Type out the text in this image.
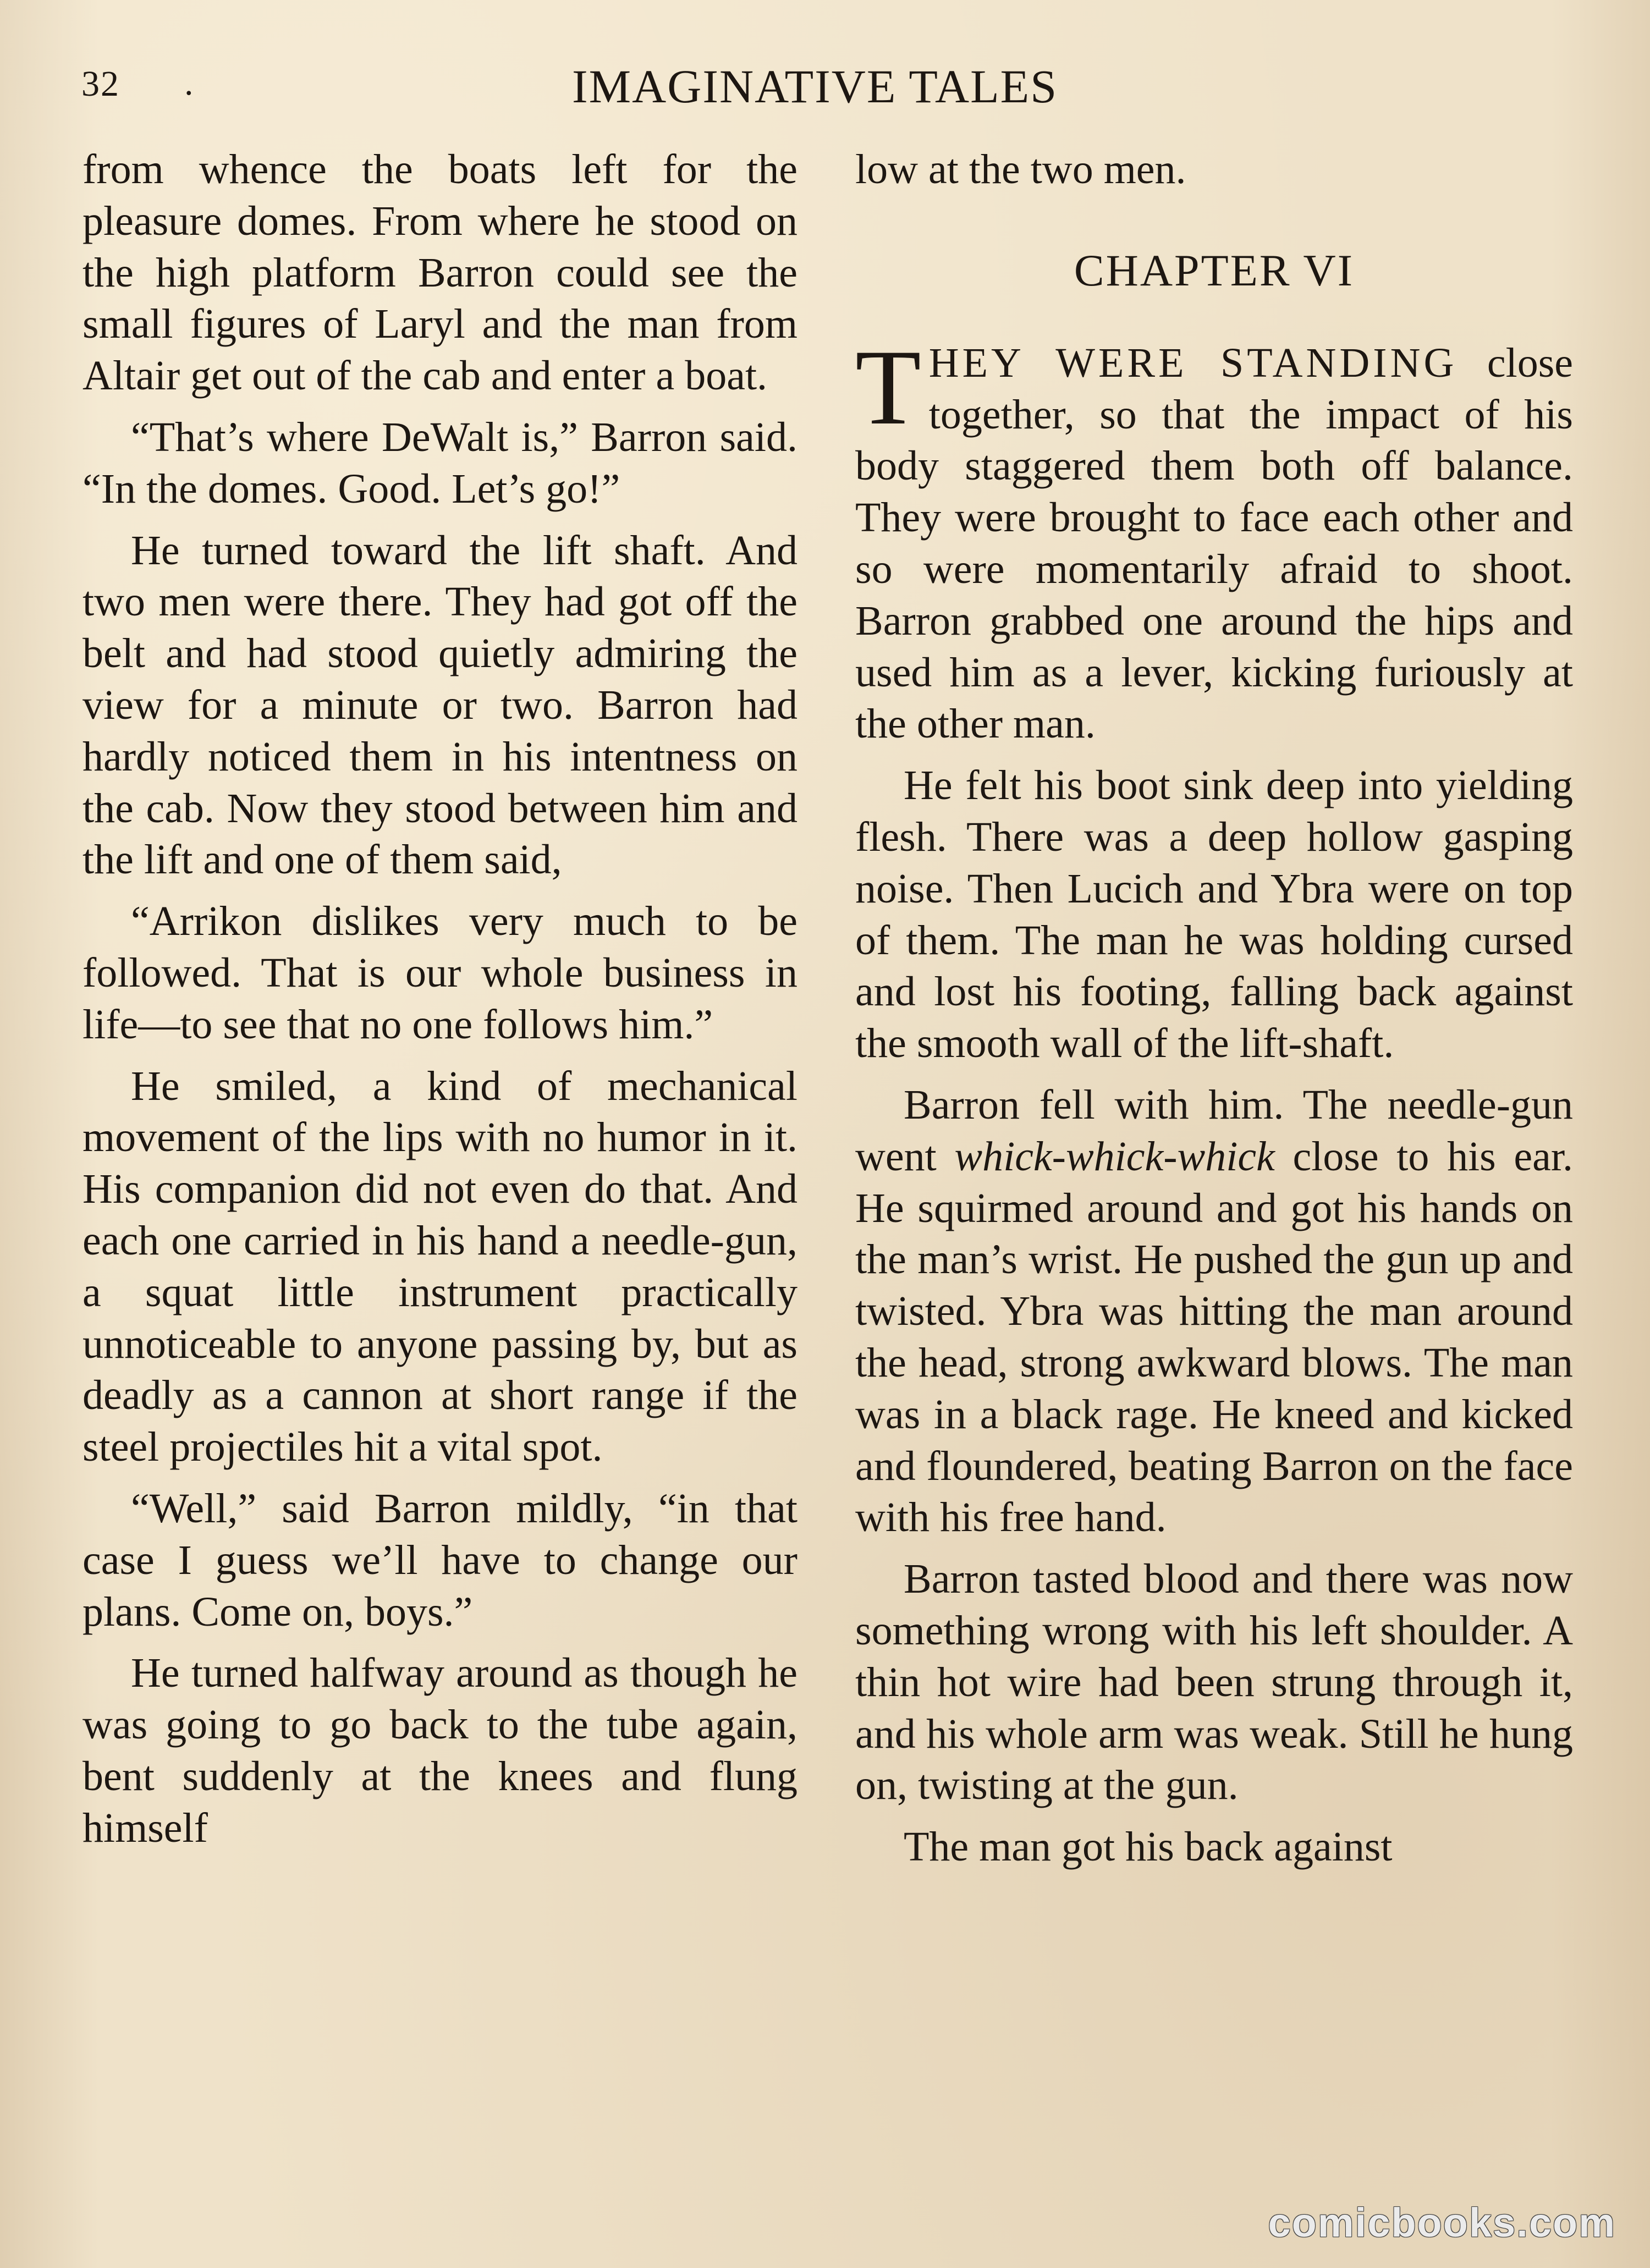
32 .	IMAGINATIVE TALES

from whence the boats left for the pleasure domes. From where he stood on the high platform Barron could see the small figures of Laryl and the man from Altair get out of the cab and enter a boat.

“That’s where DeWalt is,” Barron said. “In the domes. Good. Let’s go!”

He turned toward the lift shaft. And two men were there. They had got off the belt and had stood quietly admiring the view for a minute or two. Barron had hardly noticed them in his intentness on the cab. Now they stood between him and the lift and one of them said,

“Arrikon dislikes very much to be followed. That is our whole business in life—to see that no one follows him.”

He smiled, a kind of mechanical movement of the lips with no humor in it. His companion did not even do that. And each one carried in his hand a needle-gun, a squat little instrument practically unnoticeable to anyone passing by, but as deadly as a cannon at short range if the steel projectiles hit a vital spot.

“Well,” said Barron mildly, “in that case I guess we’ll have to change our plans. Come on, boys.”

He turned halfway around as though he was going to go back to the tube again, bent suddenly at the knees and flung himself

low at the two men.

CHAPTER VI

THEY WERE STANDING close together, so that the impact of his body staggered them both off balance. They were brought to face each other and so were momentarily afraid to shoot. Barron grabbed one around the hips and used him as a lever, kicking furiously at the other man.

He felt his boot sink deep into yielding flesh. There was a deep hollow gasping noise. Then Lucich and Ybra were on top of them. The man he was holding cursed and lost his footing, falling back against the smooth wall of the lift-shaft.

Barron fell with him. The needle-gun went whick-whick-whick close to his ear. He squirmed around and got his hands on the man’s wrist. He pushed the gun up and twisted. Ybra was hitting the man around the head, strong awkward blows. The man was in a black rage. He kneed and kicked and floundered, beating Barron on the face with his free hand.

Barron tasted blood and there was now something wrong with his left shoulder. A thin hot wire had been strung through it, and his whole arm was weak. Still he hung on, twisting at the gun.

The man got his back against

comicbooks.com
